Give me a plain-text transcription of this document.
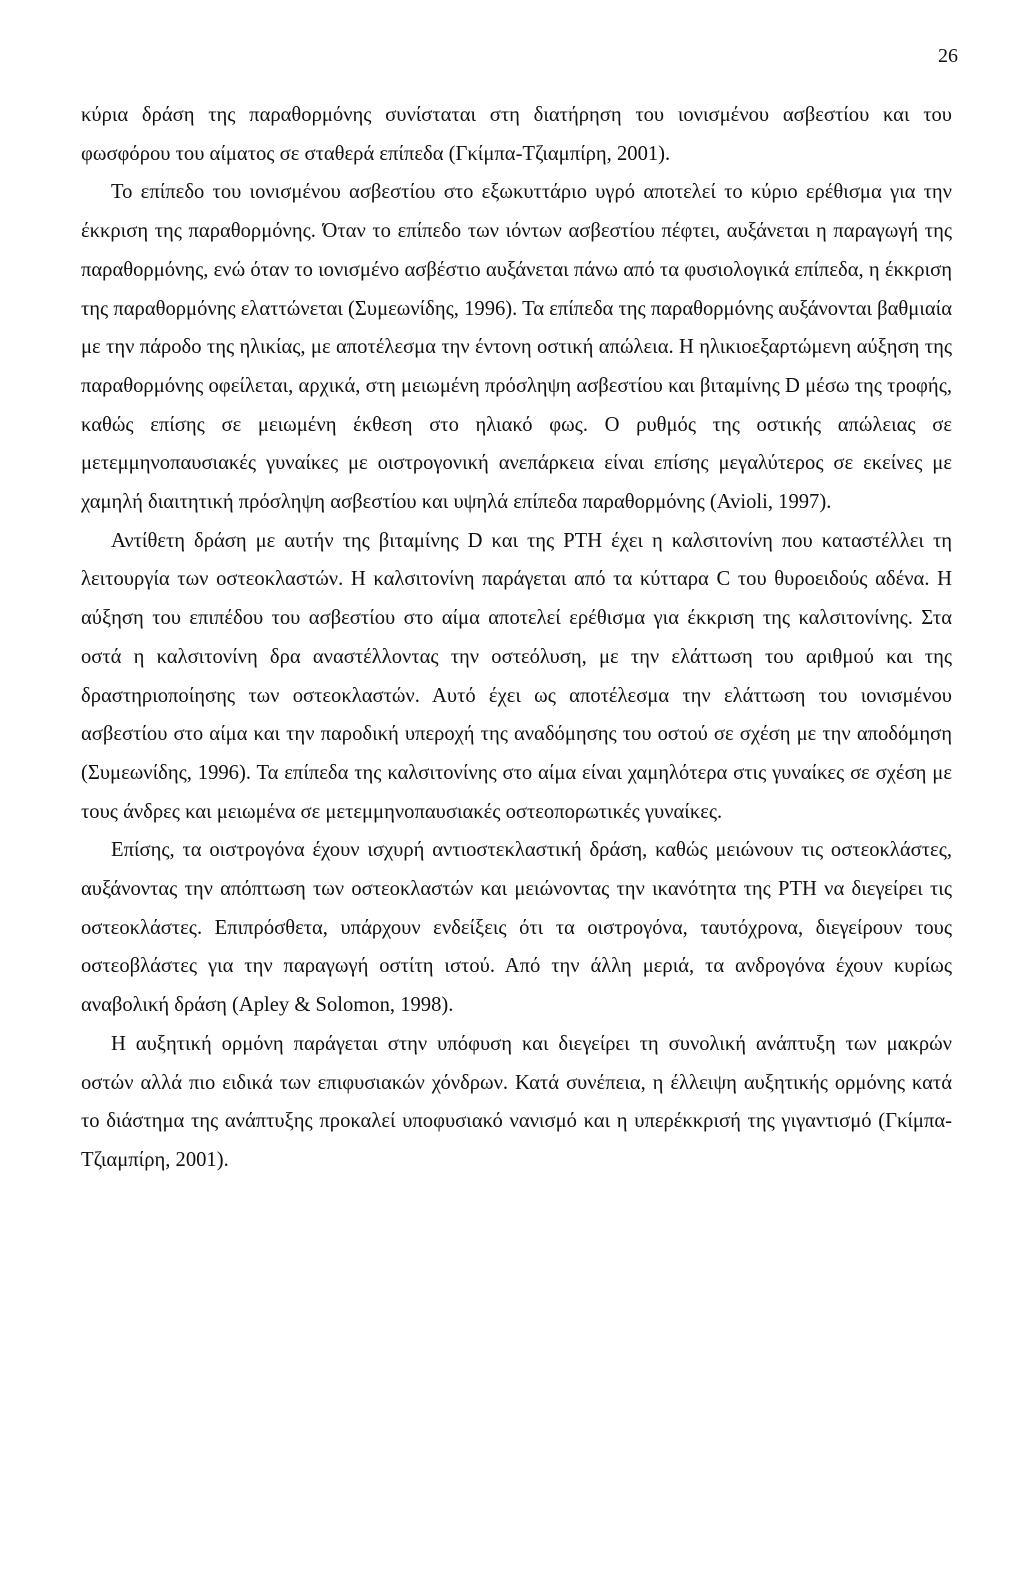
26

κύρια δράση της παραθορμόνης συνίσταται στη διατήρηση του ιονισμένου ασβεστίου και του φωσφόρου του αίματος σε σταθερά επίπεδα (Γκίμπα-Τζιαμπίρη, 2001).

Το επίπεδο του ιονισμένου ασβεστίου στο εξωκυττάριο υγρό αποτελεί το κύριο ερέθισμα για την έκκριση της παραθορμόνης. Όταν το επίπεδο των ιόντων ασβεστίου πέφτει, αυξάνεται η παραγωγή της παραθορμόνης, ενώ όταν το ιονισμένο ασβέστιο αυξάνεται πάνω από τα φυσιολογικά επίπεδα, η έκκριση της παραθορμόνης ελαττώνεται (Συμεωνίδης, 1996). Τα επίπεδα της παραθορμόνης αυξάνονται βαθμιαία με την πάροδο της ηλικίας, με αποτέλεσμα την έντονη οστική απώλεια. Η ηλικιοεξαρτώμενη αύξηση της παραθορμόνης οφείλεται, αρχικά, στη μειωμένη πρόσληψη ασβεστίου και βιταμίνης D μέσω της τροφής, καθώς επίσης σε μειωμένη έκθεση στο ηλιακό φως. Ο ρυθμός της οστικής απώλειας σε μετεμμηνοπαυσιακές γυναίκες με οιστρογονική ανεπάρκεια είναι επίσης μεγαλύτερος σε εκείνες με χαμηλή διαιτητική πρόσληψη ασβεστίου και υψηλά επίπεδα παραθορμόνης (Avioli, 1997).

Αντίθετη δράση με αυτήν της βιταμίνης D και της PTH έχει η καλσιτονίνη που καταστέλλει τη λειτουργία των οστεοκλαστών. Η καλσιτονίνη παράγεται από τα κύτταρα C του θυροειδούς αδένα. Η αύξηση του επιπέδου του ασβεστίου στο αίμα αποτελεί ερέθισμα για έκκριση της καλσιτονίνης. Στα οστά η καλσιτονίνη δρα αναστέλλοντας την οστεόλυση, με την ελάττωση του αριθμού και της δραστηριοποίησης των οστεοκλαστών. Αυτό έχει ως αποτέλεσμα την ελάττωση του ιονισμένου ασβεστίου στο αίμα και την παροδική υπεροχή της αναδόμησης του οστού σε σχέση με την αποδόμηση (Συμεωνίδης, 1996). Τα επίπεδα της καλσιτονίνης στο αίμα είναι χαμηλότερα στις γυναίκες σε σχέση με τους άνδρες και μειωμένα σε μετεμμηνοπαυσιακές οστεοπορωτικές γυναίκες.

Επίσης, τα οιστρογόνα έχουν ισχυρή αντιοστεκλαστική δράση, καθώς μειώνουν τις οστεοκλάστες, αυξάνοντας την απόπτωση των οστεοκλαστών και μειώνοντας την ικανότητα της PTH να διεγείρει τις οστεοκλάστες. Επιπρόσθετα, υπάρχουν ενδείξεις ότι τα οιστρογόνα, ταυτόχρονα, διεγείρουν τους οστεοβλάστες για την παραγωγή οστίτη ιστού. Από την άλλη μεριά, τα ανδρογόνα έχουν κυρίως αναβολική δράση (Apley & Solomon, 1998).

Η αυξητική ορμόνη παράγεται στην υπόφυση και διεγείρει τη συνολική ανάπτυξη των μακρών οστών αλλά πιο ειδικά των επιφυσιακών χόνδρων. Κατά συνέπεια, η έλλειψη αυξητικής ορμόνης κατά το διάστημα της ανάπτυξης προκαλεί υποφυσιακό νανισμό και η υπερέκκρισή της γιγαντισμό (Γκίμπα-Τζιαμπίρη, 2001).
